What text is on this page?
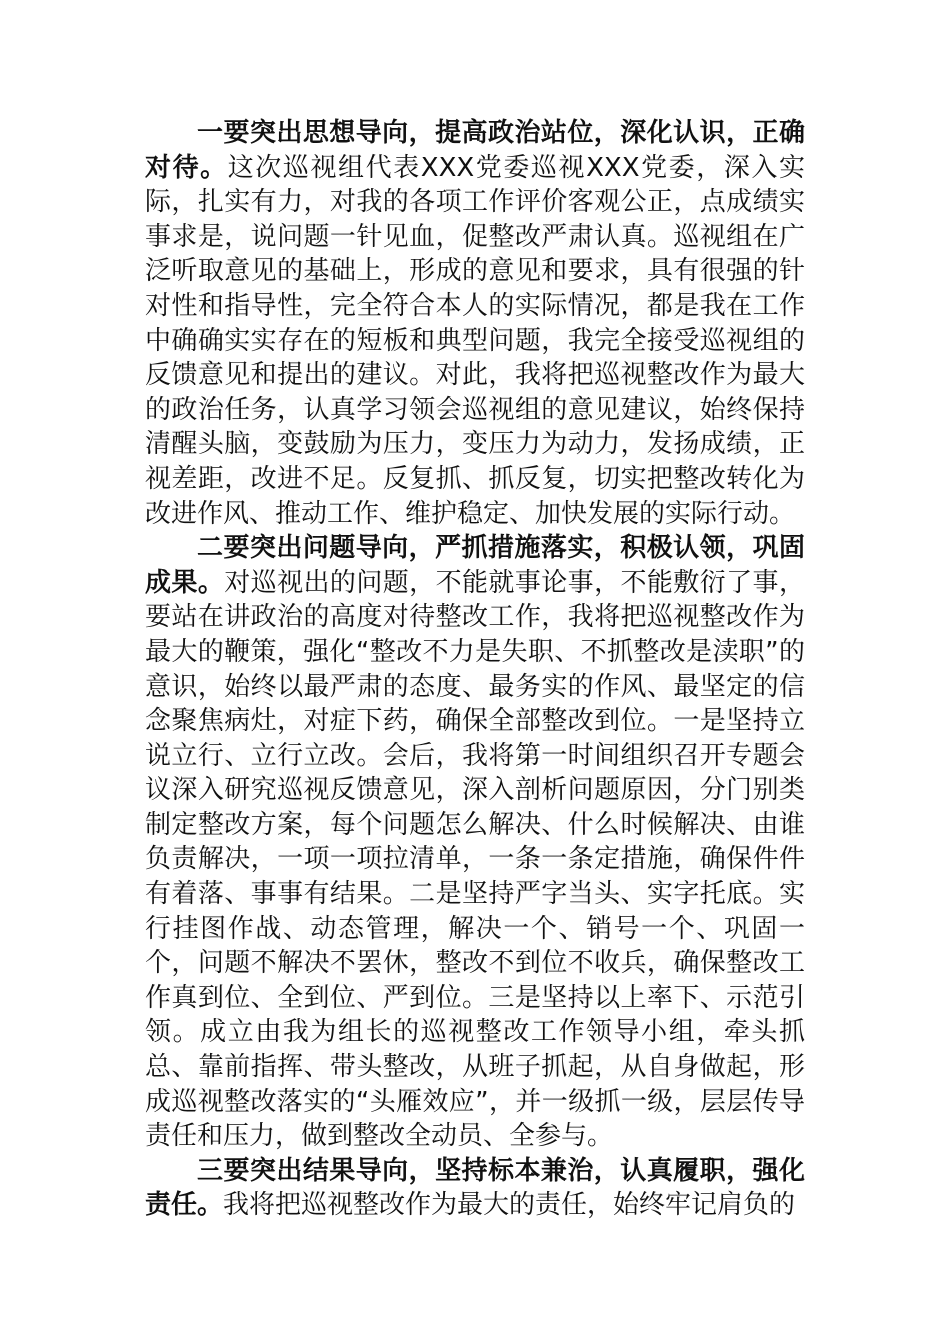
一要突出思想导向，提高政治站位，深化认识，正确对待。这次巡视组代表XXX党委巡视XXX党委，深入实际，扎实有力，对我的各项工作评价客观公正，点成绩实事求是，说问题一针见血，促整改严肃认真。巡视组在广泛听取意见的基础上，形成的意见和要求，具有很强的针对性和指导性，完全符合本人的实际情况，都是我在工作中确确实实存在的短板和典型问题，我完全接受巡视组的反馈意见和提出的建议。对此，我将把巡视整改作为最大的政治任务，认真学习领会巡视组的意见建议，始终保持清醒头脑，变鼓励为压力，变压力为动力，发扬成绩，正视差距，改进不足。反复抓、抓反复，切实把整改转化为改进作风、推动工作、维护稳定、加快发展的实际行动。

二要突出问题导向，严抓措施落实，积极认领，巩固成果。对巡视出的问题，不能就事论事，不能敷衍了事，要站在讲政治的高度对待整改工作，我将把巡视整改作为最大的鞭策，强化“整改不力是失职、不抓整改是渎职”的意识，始终以最严肃的态度、最务实的作风、最坚定的信念聚焦病灶，对症下药，确保全部整改到位。一是坚持立说立行、立行立改。会后，我将第一时间组织召开专题会议深入研究巡视反馈意见，深入剖析问题原因，分门别类制定整改方案，每个问题怎么解决、什么时候解决、由谁负责解决，一项一项拉清单，一条一条定措施，确保件件有着落、事事有结果。二是坚持严字当头、实字托底。实行挂图作战、动态管理，解决一个、销号一个、巩固一个，问题不解决不罢休，整改不到位不收兵，确保整改工作真到位、全到位、严到位。三是坚持以上率下、示范引领。成立由我为组长的巡视整改工作领导小组，牵头抓总、靠前指挥、带头整改，从班子抓起，从自身做起，形成巡视整改落实的“头雁效应”，并一级抓一级，层层传导责任和压力，做到整改全动员、全参与。

三要突出结果导向，坚持标本兼治，认真履职，强化责任。我将把巡视整改作为最大的责任，始终牢记肩负的
